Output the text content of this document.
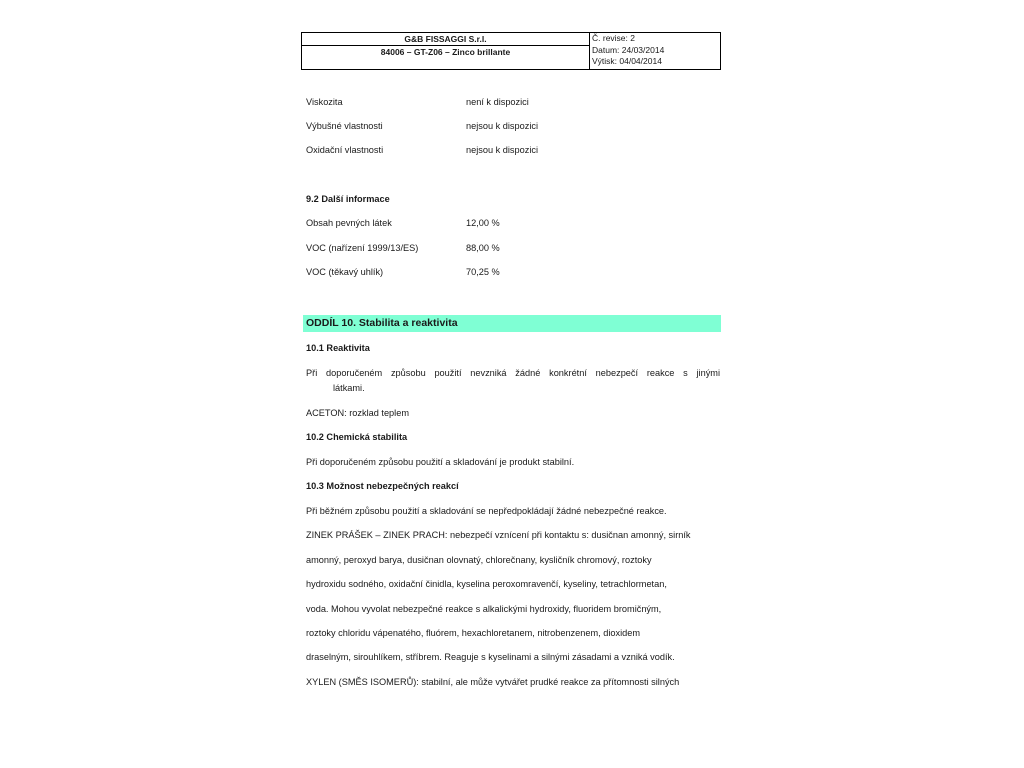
G&B FISSAGGI S.r.l.
84006 – GT-Z06 – Zinco brillante
Č. revise: 2
Datum: 24/03/2014
Výtisk: 04/04/2014
Viskozita	není k dispozici
Výbušné vlastnosti	nejsou k dispozici
Oxidační vlastnosti	nejsou k dispozici
9.2 Další informace
Obsah pevných látek	12,00 %
VOC (nařízení 1999/13/ES)	88,00 %
VOC (těkavý uhlík)	70,25 %
ODDÍL 10. Stabilita a reaktivita
10.1 Reaktivita
Při doporučeném způsobu použití nevzniká žádné konkrétní nebezpečí reakce s jinými
látkami.
ACETON: rozklad teplem
10.2 Chemická stabilita
Při doporučeném způsobu použití a skladování je produkt stabilní.
10.3 Možnost nebezpečných reakcí
Při běžném způsobu použití a skladování se nepředpokládají žádné nebezpečné reakce.
ZINEK PRÁŠEK – ZINEK PRACH: nebezpečí vznícení při kontaktu s: dusičnan amonný, sirník
amonný, peroxyd barya, dusičnan olovnatý, chlorečnany, kysličník chromový, roztoky
hydroxidu sodného, oxidační činidla, kyselina peroxomravenčí, kyseliny, tetrachlormetan,
voda. Mohou vyvolat nebezpečné reakce s alkalickými hydroxidy, fluoridem bromičným,
roztoky chloridu vápenatého, fluórem, hexachloretanem, nitrobenzenem, dioxidem
draselným, sirouhlíkem, stříbrem. Reaguje s kyselinami a silnými zásadami a vzniká vodík.
XYLEN (SMĚS ISOMERŮ): stabilní, ale může vytvářet prudké reakce za přítomnosti silných
